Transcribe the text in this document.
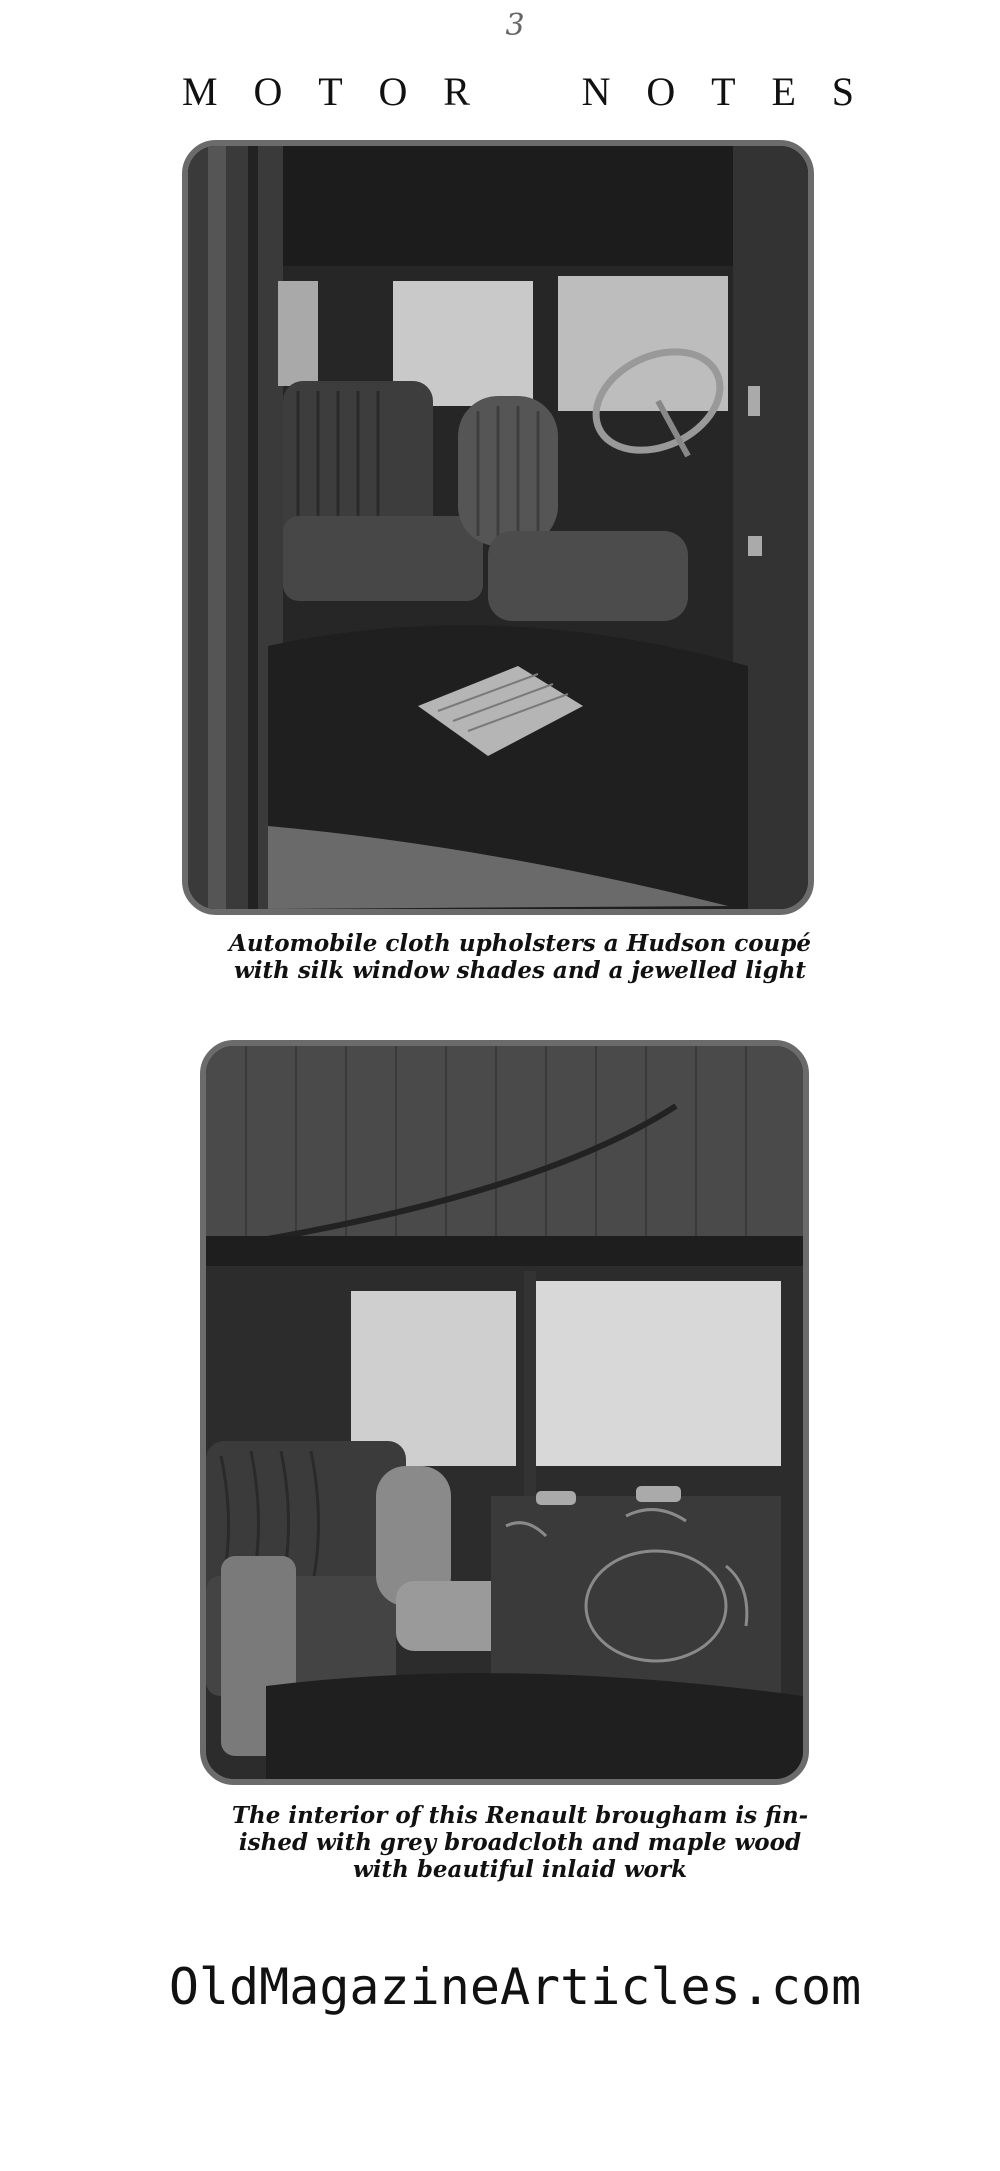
3
M O T O R	N O T E S
Automobile cloth upholsters a Hudson coupé
with silk window shades and a jewelled light
The interior of this Renault brougham is fin-
ished with grey broadcloth and maple wood
with beautiful inlaid work
OldMagazineArticles.com
